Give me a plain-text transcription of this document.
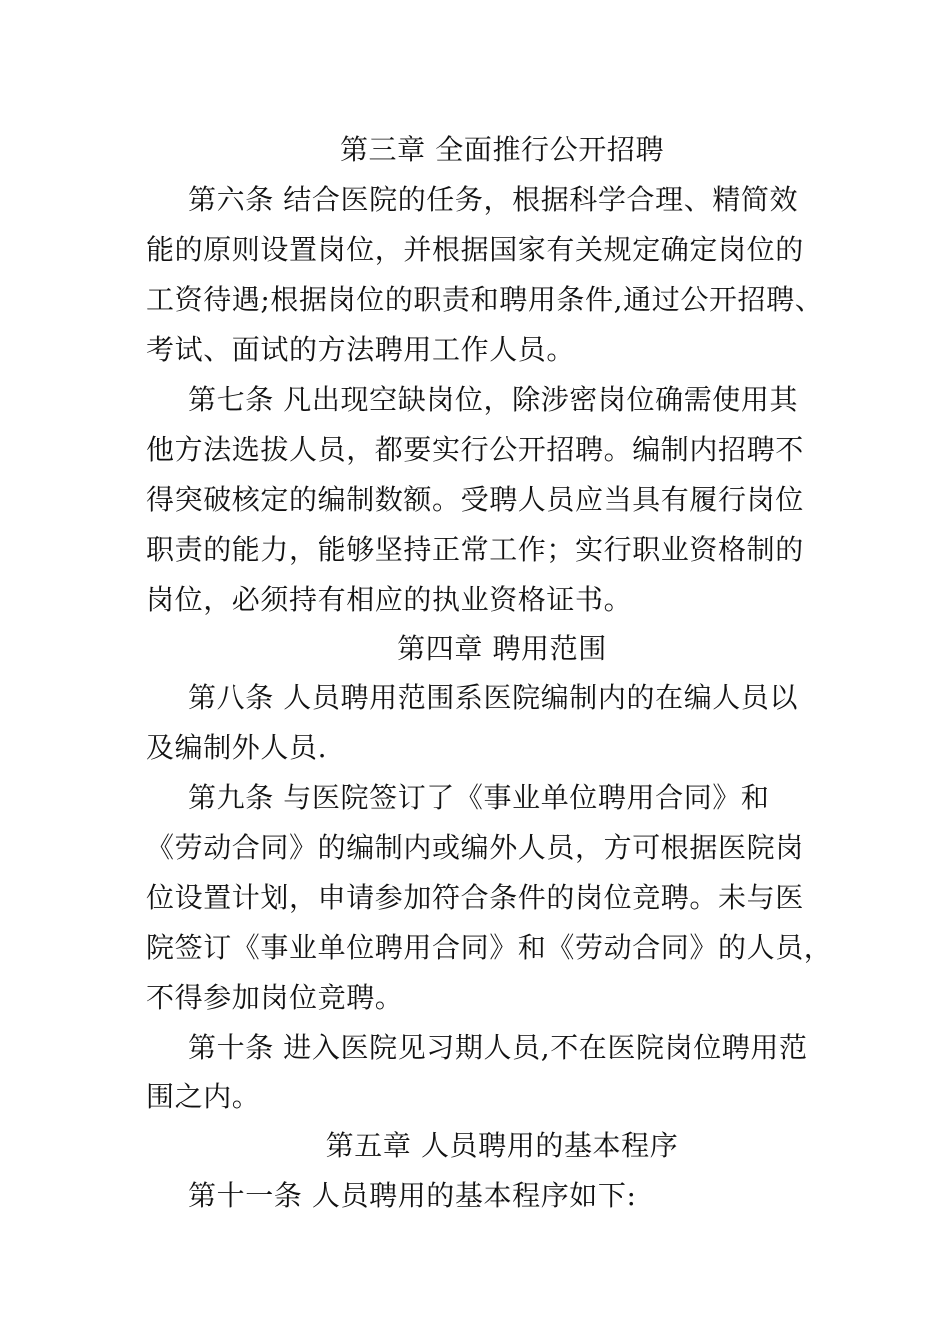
第三章 全面推行公开招聘
第六条 结合医院的任务，根据科学合理、精简效
能的原则设置岗位，并根据国家有关规定确定岗位的
工资待遇;根据岗位的职责和聘用条件,通过公开招聘、
考试、面试的方法聘用工作人员。
第七条 凡出现空缺岗位，除涉密岗位确需使用其
他方法选拔人员，都要实行公开招聘。编制内招聘不
得突破核定的编制数额。受聘人员应当具有履行岗位
职责的能力，能够坚持正常工作；实行职业资格制的
岗位，必须持有相应的执业资格证书。
第四章 聘用范围
第八条 人员聘用范围系医院编制内的在编人员以
及编制外人员.
第九条 与医院签订了《事业单位聘用合同》和
《劳动合同》的编制内或编外人员，方可根据医院岗
位设置计划，申请参加符合条件的岗位竞聘。未与医
院签订《事业单位聘用合同》和《劳动合同》的人员，
不得参加岗位竞聘。
第十条 进入医院见习期人员,不在医院岗位聘用范
围之内。
第五章 人员聘用的基本程序
第十一条 人员聘用的基本程序如下:
